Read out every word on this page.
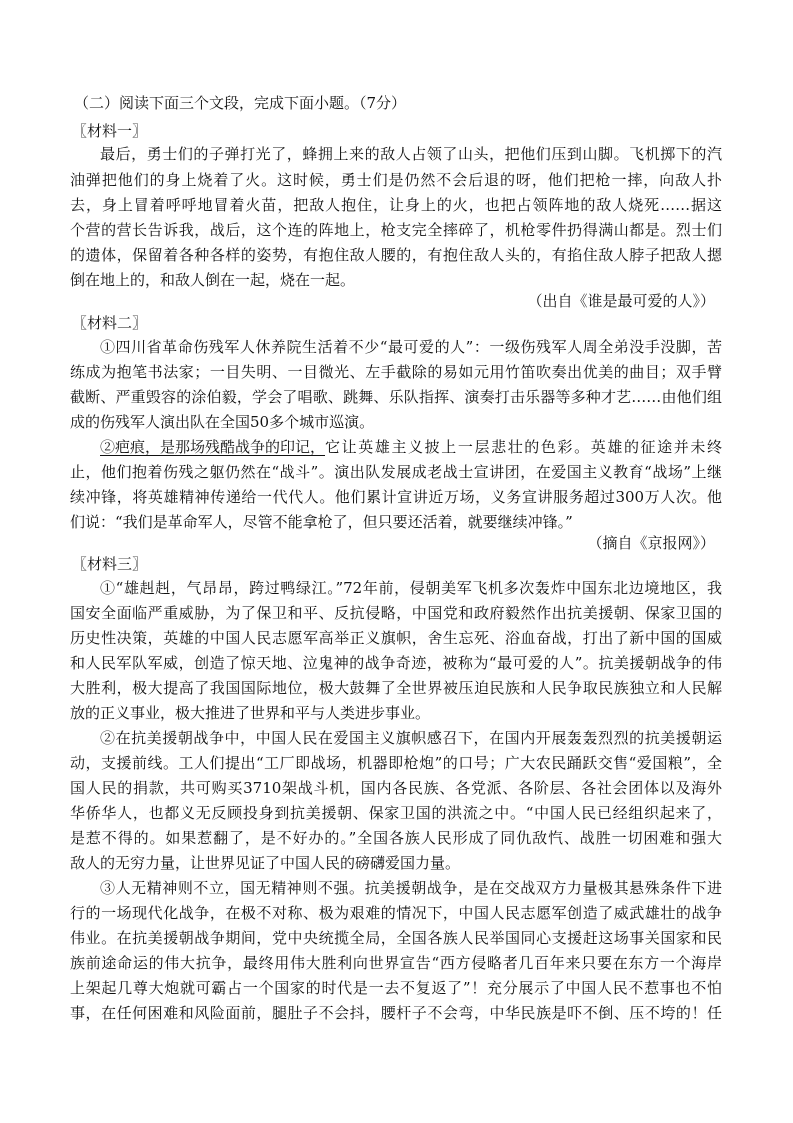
（二）阅读下面三个文段，完成下面小题。（7分）
〖材料一〗
最后，勇士们的子弹打光了，蜂拥上来的敌人占领了山头，把他们压到山脚。飞机掷下的汽
油弹把他们的身上烧着了火。这时候，勇士们是仍然不会后退的呀，他们把枪一摔，向敌人扑
去，身上冒着呼呼地冒着火苗，把敌人抱住，让身上的火，也把占领阵地的敌人烧死……据这
个营的营长告诉我，战后，这个连的阵地上，枪支完全摔碎了，机枪零件扔得满山都是。烈士们
的遗体，保留着各种各样的姿势，有抱住敌人腰的，有抱住敌人头的，有掐住敌人脖子把敌人摁
倒在地上的，和敌人倒在一起，烧在一起。
（出自《谁是最可爱的人》）
〖材料二〗
①四川省革命伤残军人休养院生活着不少“最可爱的人”：一级伤残军人周全弟没手没脚，苦
练成为抱笔书法家；一目失明、一目微光、左手截除的易如元用竹笛吹奏出优美的曲目；双手臂
截断、严重毁容的涂伯毅，学会了唱歌、跳舞、乐队指挥、演奏打击乐器等多种才艺……由他们组
成的伤残军人演出队在全国50多个城市巡演。
②疤痕，是那场残酷战争的印记， 它让英雄主义披上一层悲壮的色彩。英雄的征途并未终
止，他们抱着伤残之躯仍然在“战斗”。演出队发展成老战士宣讲团，在爱国主义教育“战场”上继
续冲锋，将英雄精神传递给一代代人。他们累计宣讲近万场，义务宣讲服务超过300万人次。他
们说：“我们是革命军人，尽管不能拿枪了，但只要还活着，就要继续冲锋。”
（摘自《京报网》）
〖材料三〗
①“雄赳赳，气昂昂，跨过鸭绿江。”72年前，侵朝美军飞机多次轰炸中国东北边境地区，我
国安全面临严重威胁，为了保卫和平、反抗侵略，中国党和政府毅然作出抗美援朝、保家卫国的
历史性决策，英雄的中国人民志愿军高举正义旗帜，舍生忘死、浴血奋战，打出了新中国的国威
和人民军队军威，创造了惊天地、泣鬼神的战争奇迹，被称为“最可爱的人”。抗美援朝战争的伟
大胜利，极大提高了我国国际地位，极大鼓舞了全世界被压迫民族和人民争取民族独立和人民解
放的正义事业，极大推进了世界和平与人类进步事业。
②在抗美援朝战争中，中国人民在爱国主义旗帜感召下，在国内开展轰轰烈烈的抗美援朝运
动，支援前线。工人们提出“工厂即战场，机器即枪炮”的口号；广大农民踊跃交售“爱国粮”，全
国人民的捐款，共可购买3710架战斗机，国内各民族、各党派、各阶层、各社会团体以及海外
华侨华人，也都义无反顾投身到抗美援朝、保家卫国的洪流之中。“中国人民已经组织起来了，
是惹不得的。如果惹翻了，是不好办的。”全国各族人民形成了同仇敌忾、战胜一切困难和强大
敌人的无穷力量，让世界见证了中国人民的磅礴爱国力量。
③人无精神则不立，国无精神则不强。抗美援朝战争，是在交战双方力量极其悬殊条件下进
行的一场现代化战争，在极不对称、极为艰难的情况下，中国人民志愿军创造了威武雄壮的战争
伟业。在抗美援朝战争期间，党中央统揽全局，全国各族人民举国同心支援赶这场事关国家和民
族前途命运的伟大抗争，最终用伟大胜利向世界宣告“西方侵略者几百年来只要在东方一个海岸
上架起几尊大炮就可霸占一个国家的时代是一去不复返了”！充分展示了中国人民不惹事也不怕
事，在任何困难和风险面前，腿肚子不会抖，腰杆子不会弯，中华民族是吓不倒、压不垮的！任
